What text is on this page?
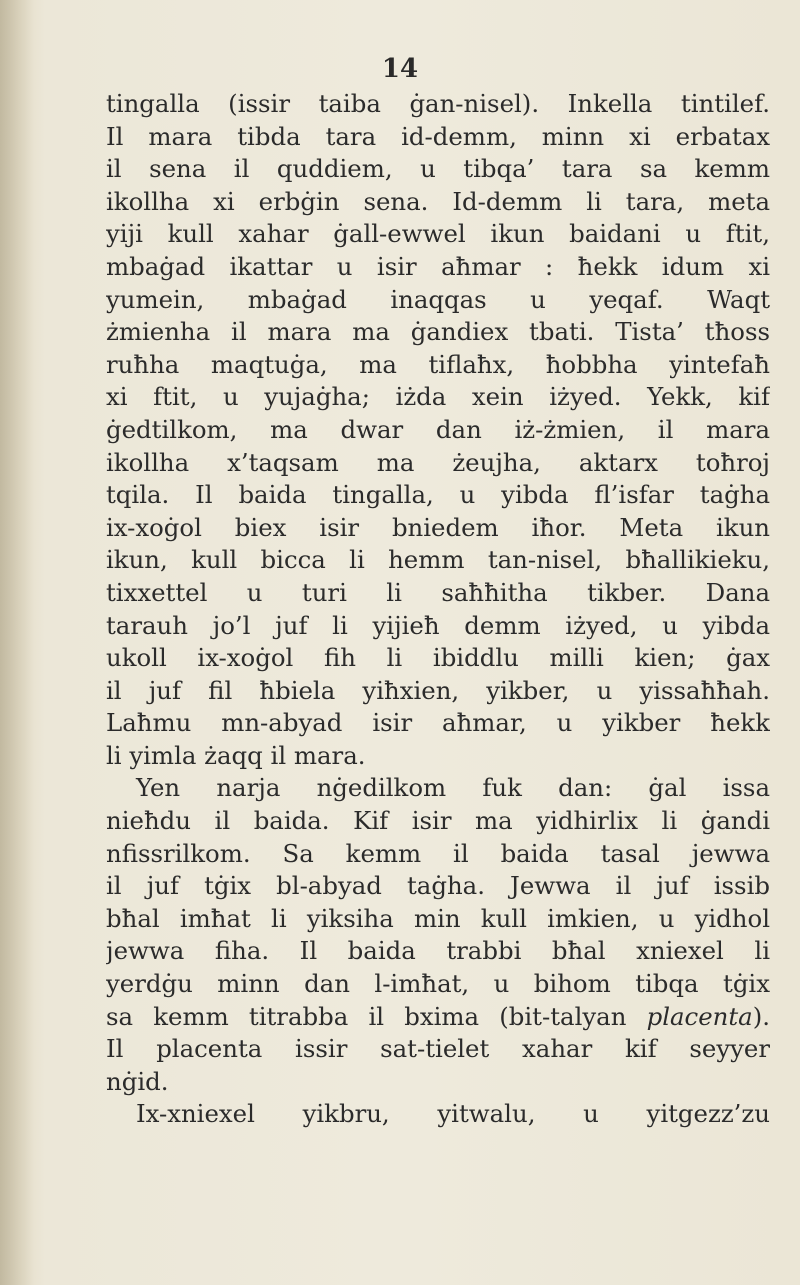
14
tingalla (issir taiba ġan-nisel). Inkella tintilef.
Il mara tibda tara id-demm, minn xi erbatax
il sena il quddiem, u tibqa’ tara sa kemm
ikollha xi erbġin sena. Id-demm li tara, meta
yiji kull xahar ġall-ewwel ikun baidani u ftit,
mbaġad ikattar u isir aħmar : ħekk idum xi
yumein, mbaġad inaqqas u yeqaf. Waqt
żmienha il mara ma ġandiex tbati. Tista’ tħoss
ruħha maqtuġa, ma tiflaħx, ħobbha yintefaħ
xi ftit, u yujaġha; iżda xein iżyed. Yekk, kif
ġedtilkom, ma dwar dan iż-żmien, il mara
ikollha x’taqsam ma żeujha, aktarx toħroj
tqila. Il baida tingalla, u yibda fl’isfar taġha
ix-xoġol biex isir bniedem iħor. Meta ikun
ikun, kull bicca li hemm tan-nisel, bħallikieku,
tixxettel u turi li saħħitha tikber. Dana
tarauh jo’l juf li yijieħ demm iżyed, u yibda
ukoll ix-xoġol fih li ibiddlu milli kien; ġax
il juf fil ħbiela yiħxien, yikber, u yissaħħah.
Laħmu mn-abyad isir aħmar, u yikber ħekk
li yimla żaqq il mara.
Yen narja nġedilkom fuk dan: ġal issa
nieħdu il baida. Kif isir ma yidhirlix li ġandi
nfissrilkom. Sa kemm il baida tasal jewwa
il juf tġix bl-abyad taġha. Jewwa il juf issib
bħal imħat li yiksiha min kull imkien, u yidhol
jewwa fiha. Il baida trabbi bħal xniexel li
yerdġu minn dan l-imħat, u bihom tibqa tġix
sa kemm titrabba il bxima (bit-talyan placenta).
Il placenta issir sat-tielet xahar kif seyyer
nġid.
Ix-xniexel yikbru, yitwalu, u yitgezz’zu
